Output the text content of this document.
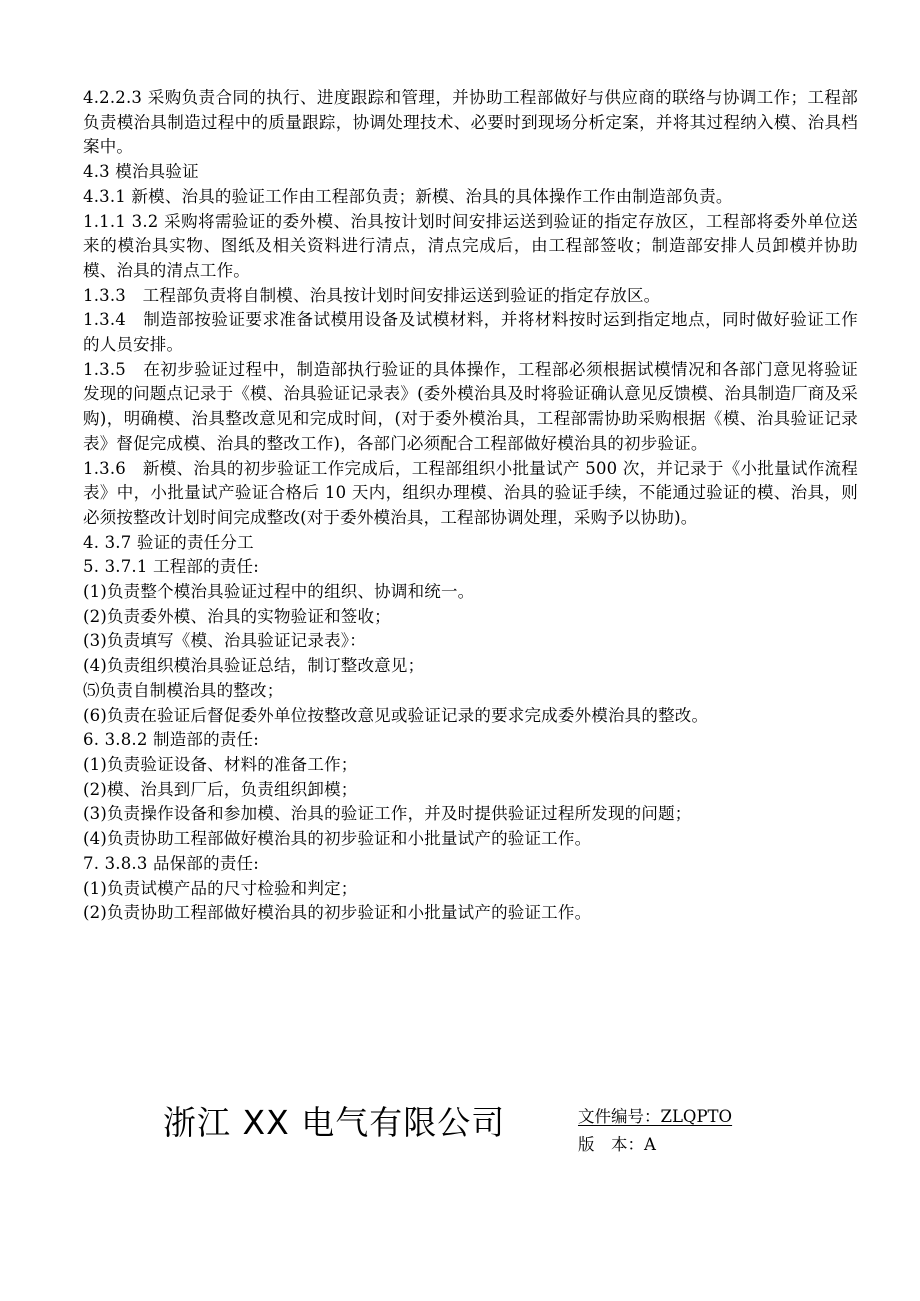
4.2.2.3 采购负责合同的执行、进度跟踪和管理，并协助工程部做好与供应商的联络与协调工作；工程部负责模治具制造过程中的质量跟踪，协调处理技术、必要时到现场分析定案，并将其过程纳入模、治具档案中。

4.3 模治具验证

4.3.1 新模、治具的验证工作由工程部负责；新模、治具的具体操作工作由制造部负责。

1.1.1 3.2 采购将需验证的委外模、治具按计划时间安排运送到验证的指定存放区，工程部将委外单位送来的模治具实物、图纸及相关资料进行清点，清点完成后，由工程部签收；制造部安排人员卸模并协助模、治具的清点工作。

1.3.3　工程部负责将自制模、治具按计划时间安排运送到验证的指定存放区。

1.3.4　制造部按验证要求准备试模用设备及试模材料，并将材料按时运到指定地点，同时做好验证工作的人员安排。

1.3.5　在初步验证过程中，制造部执行验证的具体操作，工程部必须根据试模情况和各部门意见将验证发现的问题点记录于《模、治具验证记录表》(委外模治具及时将验证确认意见反馈模、治具制造厂商及采购)，明确模、治具整改意见和完成时间，(对于委外模治具，工程部需协助采购根据《模、治具验证记录表》督促完成模、治具的整改工作)，各部门必须配合工程部做好模治具的初步验证。

1.3.6　新模、治具的初步验证工作完成后，工程部组织小批量试产 500 次，并记录于《小批量试作流程表》中，小批量试产验证合格后 10 天内，组织办理模、治具的验证手续，不能通过验证的模、治具，则必须按整改计划时间完成整改(对于委外模治具，工程部协调处理，采购予以协助)。

4. 3.7 验证的责任分工

5. 3.7.1 工程部的责任:

(1)负责整个模治具验证过程中的组织、协调和统一。

(2)负责委外模、治具的实物验证和签收；

(3)负责填写《模、治具验证记录表》：

(4)负责组织模治具验证总结，制订整改意见；

⑸负责自制模治具的整改；

(6)负责在验证后督促委外单位按整改意见或验证记录的要求完成委外模治具的整改。

6. 3.8.2 制造部的责任:

(1)负责验证设备、材料的准备工作；

(2)模、治具到厂后，负责组织卸模；

(3)负责操作设备和参加模、治具的验证工作，并及时提供验证过程所发现的问题；

(4)负责协助工程部做好模治具的初步验证和小批量试产的验证工作。

7. 3.8.3 品保部的责任:

(1)负责试模产品的尺寸检验和判定；

(2)负责协助工程部做好模治具的初步验证和小批量试产的验证工作。

浙江 XX 电气有限公司	文件编号：ZLQPTO
版　本：A
